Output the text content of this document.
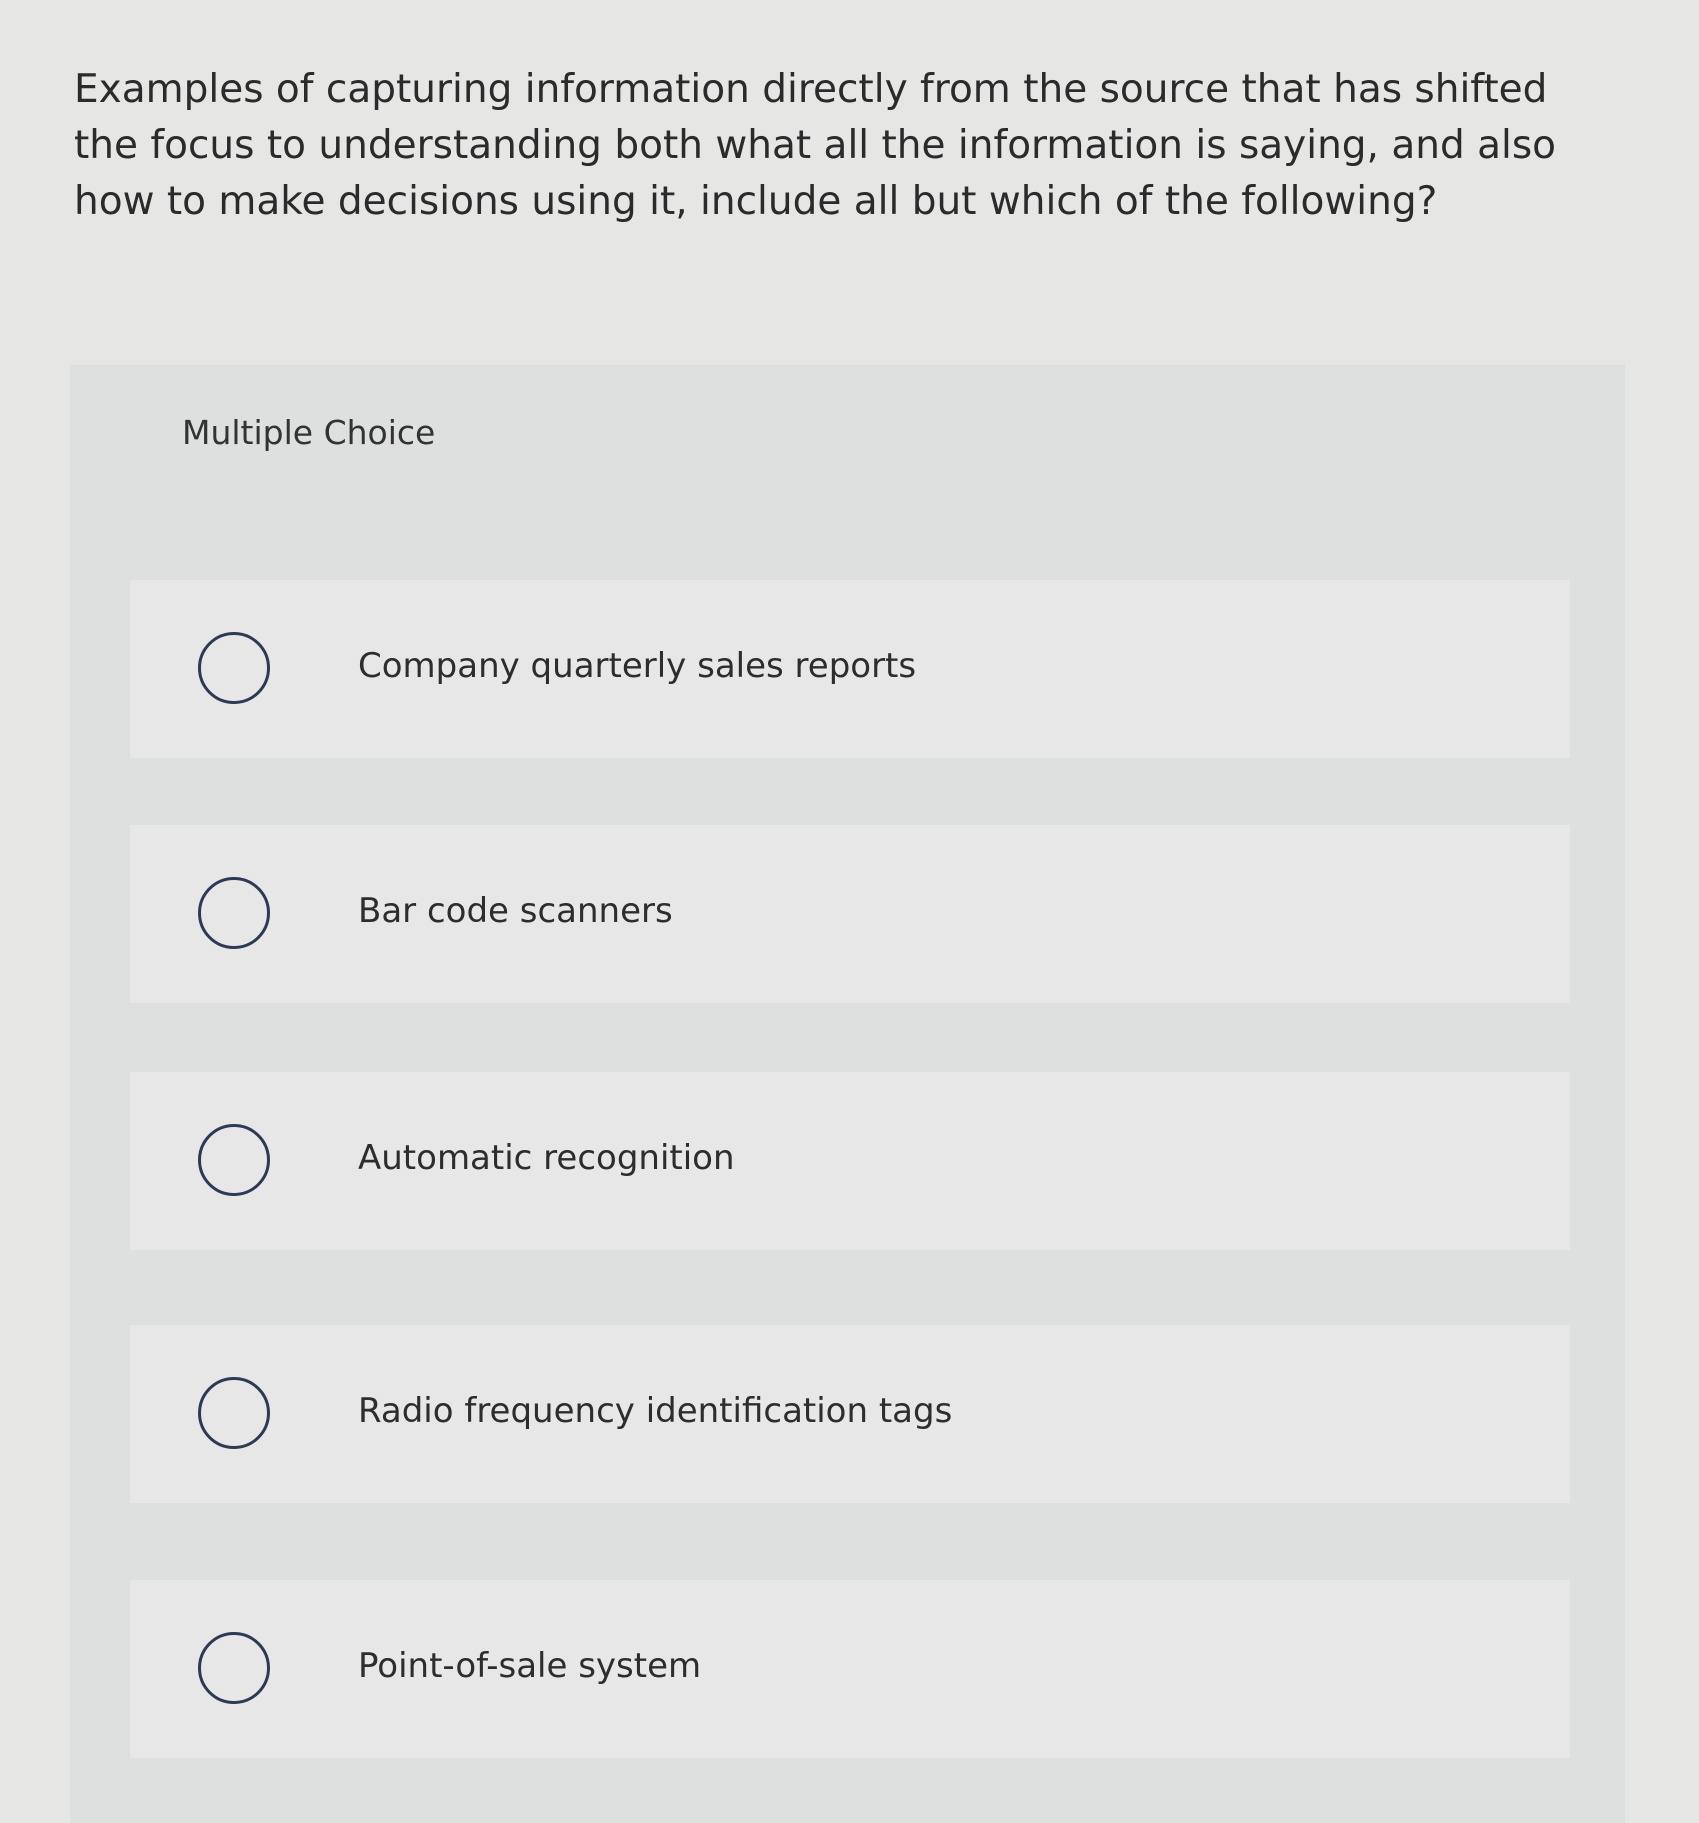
Examples of capturing information directly from the source that has shifted the focus to understanding both what all the information is saying, and also how to make decisions using it, include all but which of the following?

Multiple Choice
Company quarterly sales reports
Bar code scanners
Automatic recognition
Radio frequency identification tags
Point-of-sale system
